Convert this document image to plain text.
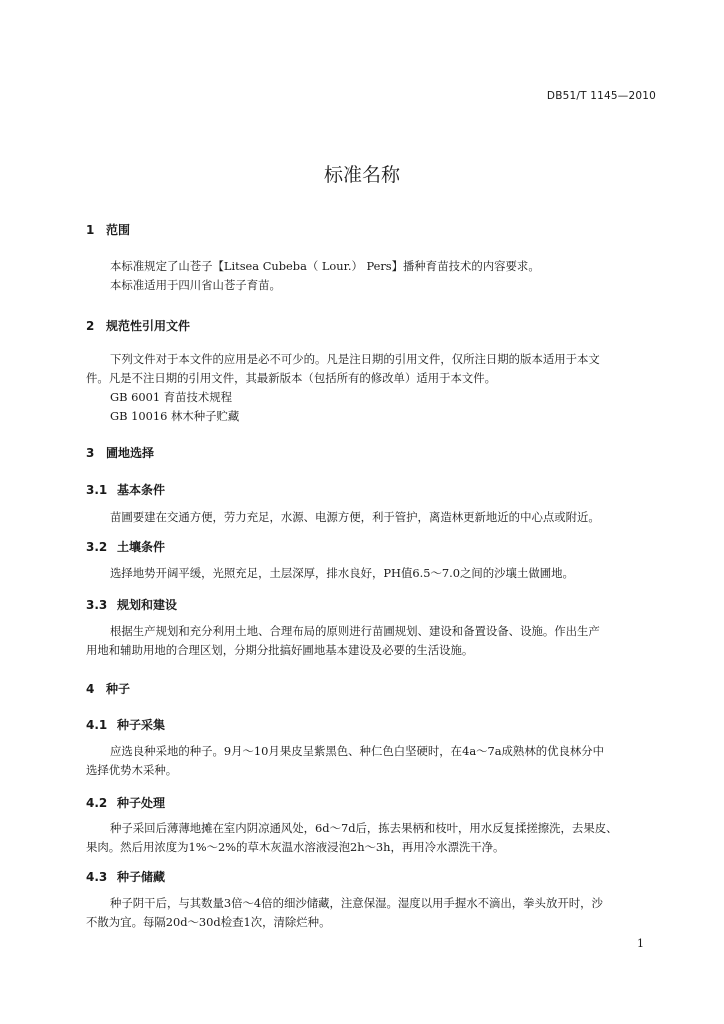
DB51/T 1145—2010
标准名称
1 范围
本标准规定了山苍子【Litsea Cubeba（ Lour.） Pers】播种育苗技术的内容要求。
本标准适用于四川省山苍子育苗。
2 规范性引用文件
下列文件对于本文件的应用是必不可少的。凡是注日期的引用文件，仅所注日期的版本适用于本文
件。凡是不注日期的引用文件，其最新版本（包括所有的修改单）适用于本文件。
GB 6001 育苗技术规程
GB 10016 林木种子贮藏
3 圃地选择
3.1 基本条件
苗圃要建在交通方便，劳力充足，水源、电源方便，利于管护，离造林更新地近的中心点或附近。
3.2 土壤条件
选择地势开阔平缓，光照充足，土层深厚，排水良好，PH值6.5～7.0之间的沙壤土做圃地。
3.3 规划和建设
根据生产规划和充分利用土地、合理布局的原则进行苗圃规划、建设和备置设备、设施。作出生产
用地和辅助用地的合理区划，分期分批搞好圃地基本建设及必要的生活设施。
4 种子
4.1 种子采集
应选良种采地的种子。9月～10月果皮呈紫黑色、种仁色白坚硬时，在4a～7a成熟林的优良林分中
选择优势木采种。
4.2 种子处理
种子采回后薄薄地摊在室内阴凉通风处，6d～7d后，拣去果柄和枝叶，用水反复揉搓擦洗，去果皮、
果肉。然后用浓度为1%～2%的草木灰温水溶液浸泡2h～3h，再用冷水漂洗干净。
4.3 种子储藏
种子阴干后，与其数量3倍～4倍的细沙储藏，注意保湿。湿度以用手握水不滴出，拳头放开时，沙
不散为宜。每隔20d～30d检查1次，清除烂种。
1
